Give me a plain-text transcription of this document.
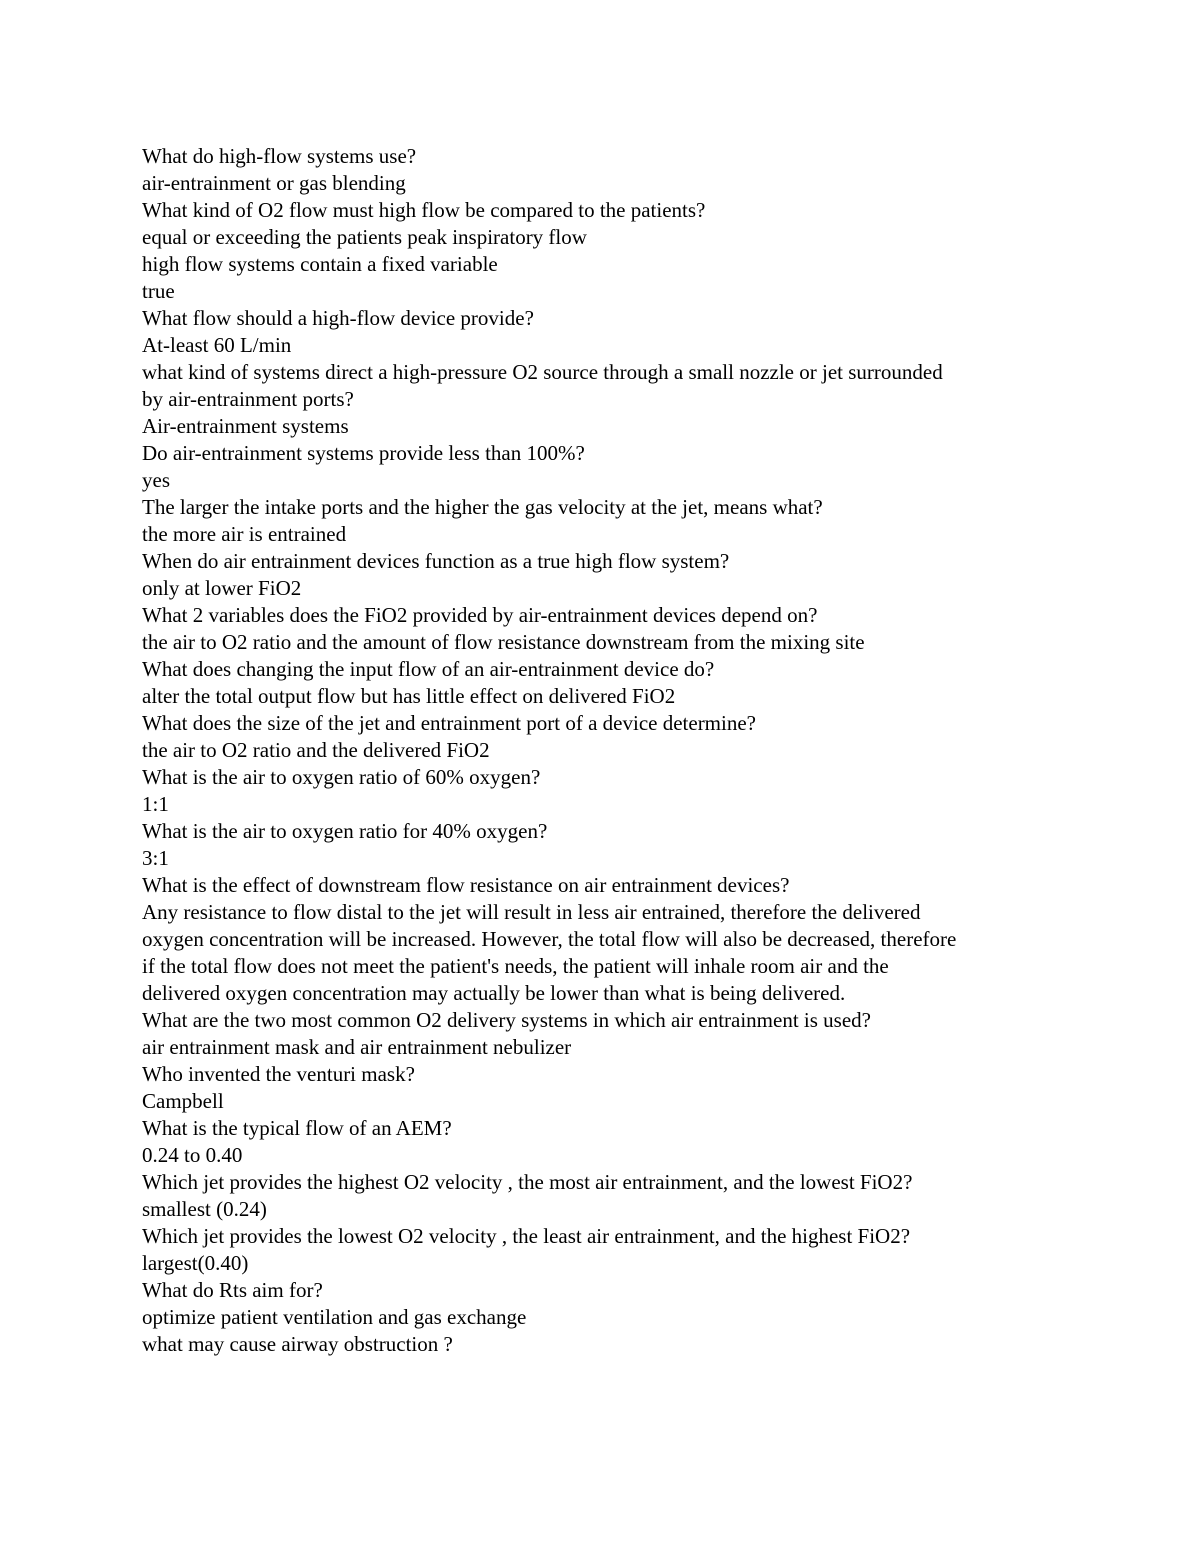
What do high-flow systems use?
air-entrainment or gas blending
What kind of O2 flow must high flow be compared to the patients?
equal or exceeding the patients peak inspiratory flow
high flow systems contain a fixed variable
true
What flow should a high-flow device provide?
At-least 60 L/min
what kind of systems direct a high-pressure O2 source through a small nozzle or jet surrounded
by air-entrainment ports?
Air-entrainment systems
Do air-entrainment systems provide less than 100%?
yes
The larger the intake ports and the higher the gas velocity at the jet, means what?
the more air is entrained
When do air entrainment devices function as a true high flow system?
only at lower FiO2
What 2 variables does the FiO2 provided by air-entrainment devices depend on?
the air to O2 ratio and the amount of flow resistance downstream from the mixing site
What does changing the input flow of an air-entrainment device do?
alter the total output flow but has little effect on delivered FiO2
What does the size of the jet and entrainment port of a device determine?
the air to O2 ratio and the delivered FiO2
What is the air to oxygen ratio of 60% oxygen?
1:1
What is the air to oxygen ratio for 40% oxygen?
3:1
What is the effect of downstream flow resistance on air entrainment devices?
Any resistance to flow distal to the jet will result in less air entrained, therefore the delivered
oxygen concentration will be increased. However, the total flow will also be decreased, therefore
if the total flow does not meet the patient's needs, the patient will inhale room air and the
delivered oxygen concentration may actually be lower than what is being delivered.
What are the two most common O2 delivery systems in which air entrainment is used?
air entrainment mask and air entrainment nebulizer
Who invented the venturi mask?
Campbell
What is the typical flow of an AEM?
0.24 to 0.40
Which jet provides the highest O2 velocity , the most air entrainment, and the lowest FiO2?
smallest (0.24)
Which jet provides the lowest O2 velocity , the least air entrainment, and the highest FiO2?
largest(0.40)
What do Rts aim for?
optimize patient ventilation and gas exchange
what may cause airway obstruction ?
